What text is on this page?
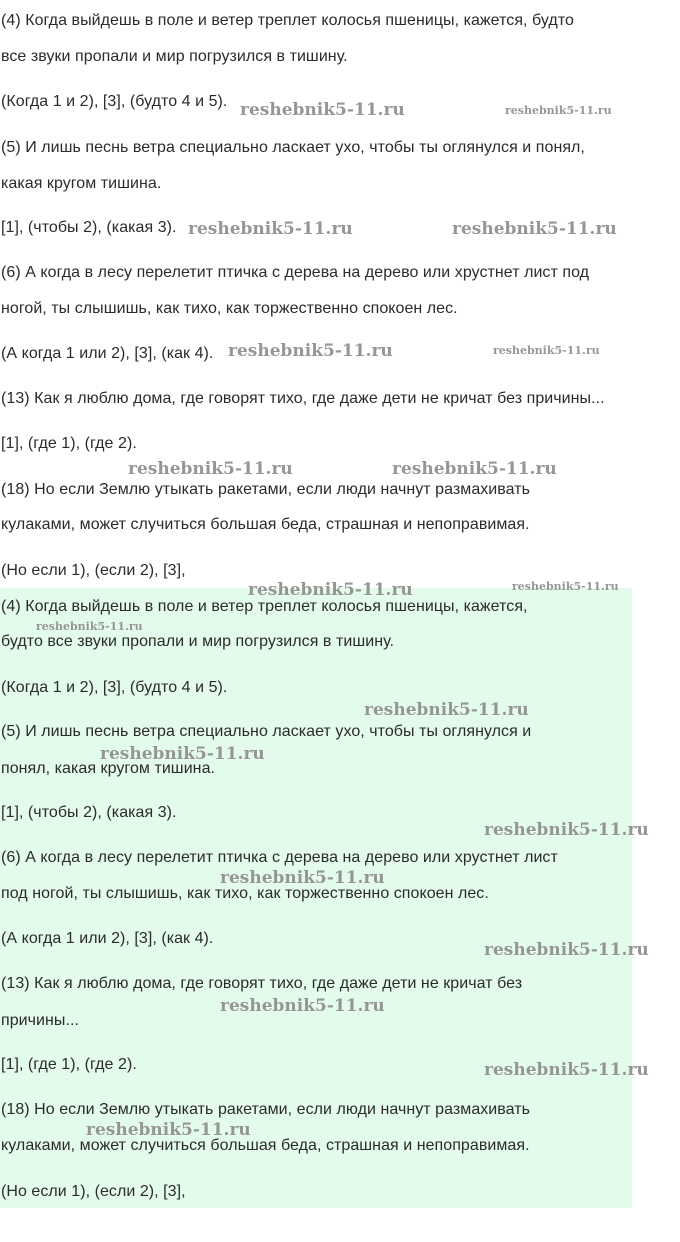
(4) Когда выйдешь в поле и ветер треплет колосья пшеницы, кажется, будто
все звуки пропали и мир погрузился в тишину.
(Когда 1 и 2), [3], (будто 4 и 5).
(5) И лишь песнь ветра специально ласкает ухо, чтобы ты оглянулся и понял,
какая кругом тишина.
[1], (чтобы 2), (какая 3).
(6) А когда в лесу перелетит птичка с дерева на дерево или хрустнет лист под
ногой, ты слышишь, как тихо, как торжественно спокоен лес.
(А когда 1 или 2), [3], (как 4).
(13) Как я люблю дома, где говорят тихо, где даже дети не кричат без причины...
[1], (где 1), (где 2).
(18) Но если Землю утыкать ракетами, если люди начнут размахивать
кулаками, может случиться большая беда, страшная и непоправимая.
(Но если 1), (если 2), [3],
(4) Когда выйдешь в поле и ветер треплет колосья пшеницы, кажется,
будто все звуки пропали и мир погрузился в тишину.
(Когда 1 и 2), [3], (будто 4 и 5).
(5) И лишь песнь ветра специально ласкает ухо, чтобы ты оглянулся и
понял, какая кругом тишина.
[1], (чтобы 2), (какая 3).
(6) А когда в лесу перелетит птичка с дерева на дерево или хрустнет лист
под ногой, ты слышишь, как тихо, как торжественно спокоен лес.
(А когда 1 или 2), [3], (как 4).
(13) Как я люблю дома, где говорят тихо, где даже дети не кричат без
причины...
[1], (где 1), (где 2).
(18) Но если Землю утыкать ракетами, если люди начнут размахивать
кулаками, может случиться большая беда, страшная и непоправимая.
(Но если 1), (если 2), [3],
reshebnik5-11.ru	reshebnik5-11.ru
reshebnik5-11.ru	reshebnik5-11.ru
reshebnik5-11.ru	reshebnik5-11.ru
reshebnik5-11.ru	reshebnik5-11.ru
reshebnik5-11.ru	reshebnik5-11.ru
reshebnik5-11.ru
reshebnik5-11.ru
reshebnik5-11.ru
reshebnik5-11.ru
reshebnik5-11.ru
reshebnik5-11.ru
reshebnik5-11.ru
reshebnik5-11.ru
reshebnik5-11.ru
